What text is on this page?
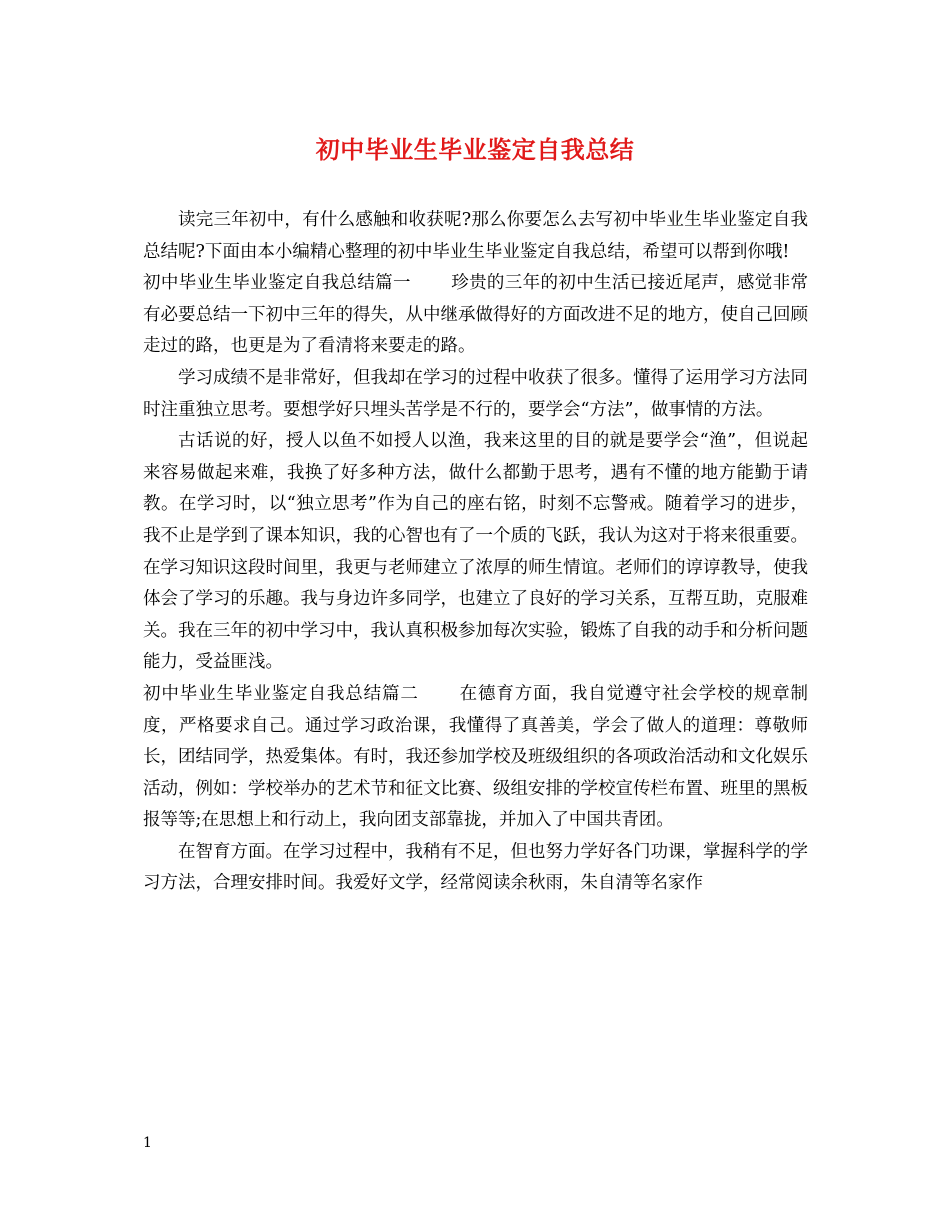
初中毕业生毕业鉴定自我总结

读完三年初中，有什么感触和收获呢?那么你要怎么去写初中毕业生毕业鉴定自我总结呢?下面由本小编精心整理的初中毕业生毕业鉴定自我总结，希望可以帮到你哦!

初中毕业生毕业鉴定自我总结篇一 珍贵的三年的初中生活已接近尾声，感觉非常有必要总结一下初中三年的得失，从中继承做得好的方面改进不足的地方，使自己回顾走过的路，也更是为了看清将来要走的路。

学习成绩不是非常好，但我却在学习的过程中收获了很多。懂得了运用学习方法同时注重独立思考。要想学好只埋头苦学是不行的，要学会“方法”，做事情的方法。

古话说的好，授人以鱼不如授人以渔，我来这里的目的就是要学会“渔”，但说起来容易做起来难，我换了好多种方法，做什么都勤于思考，遇有不懂的地方能勤于请教。在学习时，以“独立思考”作为自己的座右铭，时刻不忘警戒。随着学习的进步，我不止是学到了课本知识，我的心智也有了一个质的飞跃，我认为这对于将来很重要。在学习知识这段时间里，我更与老师建立了浓厚的师生情谊。老师们的谆谆教导，使我体会了学习的乐趣。我与身边许多同学，也建立了良好的学习关系，互帮互助，克服难关。我在三年的初中学习中，我认真积极参加每次实验，锻炼了自我的动手和分析问题能力，受益匪浅。

初中毕业生毕业鉴定自我总结篇二 在德育方面，我自觉遵守社会学校的规章制度，严格要求自己。通过学习政治课，我懂得了真善美，学会了做人的道理：尊敬师长，团结同学，热爱集体。有时，我还参加学校及班级组织的各项政治活动和文化娱乐活动，例如：学校举办的艺术节和征文比赛、级组安排的学校宣传栏布置、班里的黑板报等等;在思想上和行动上，我向团支部靠拢，并加入了中国共青团。

在智育方面。在学习过程中，我稍有不足，但也努力学好各门功课，掌握科学的学习方法，合理安排时间。我爱好文学，经常阅读余秋雨，朱自清等名家作

1
